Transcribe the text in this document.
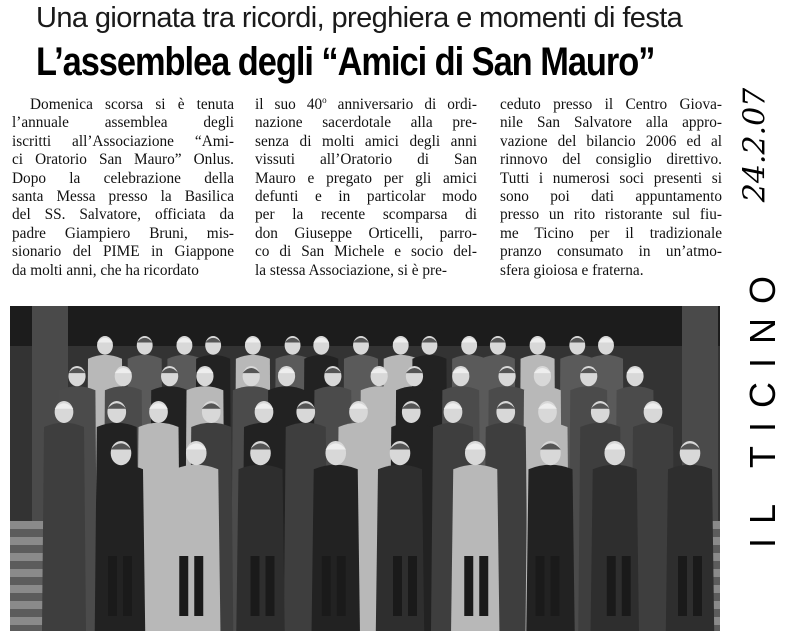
Una giornata tra ricordi, preghiera e momenti di festa
L’assemblea degli “Amici di San Mauro”
Domenica scorsa si è tenuta
l’annuale assemblea degli
iscritti all’Associazione “Ami-
ci Oratorio San Mauro” Onlus.
Dopo la celebrazione della
santa Messa presso la Basilica
del SS. Salvatore, officiata da
padre Giampiero Bruni, mis-
sionario del PIME in Giappone
da molti anni, che ha ricordato
il suo 40$^o$ anniversario di ordi-
nazione sacerdotale alla pre-
senza di molti amici degli anni
vissuti all’Oratorio di San
Mauro e pregato per gli amici
defunti e in particolar modo
per la recente scomparsa di
don Giuseppe Orticelli, parro-
co di San Michele e socio del-
la stessa Associazione, si è pre-
ceduto presso il Centro Giova-
nile San Salvatore alla appro-
vazione del bilancio 2006 ed al
rinnovo del consiglio direttivo.
Tutti i numerosi soci presenti si
sono poi dati appuntamento
presso un rito ristorante sul fiu-
me Ticino per il tradizionale
pranzo consumato in un’atmo-
sfera gioiosa e fraterna.
24.2.07
IL TICINO
